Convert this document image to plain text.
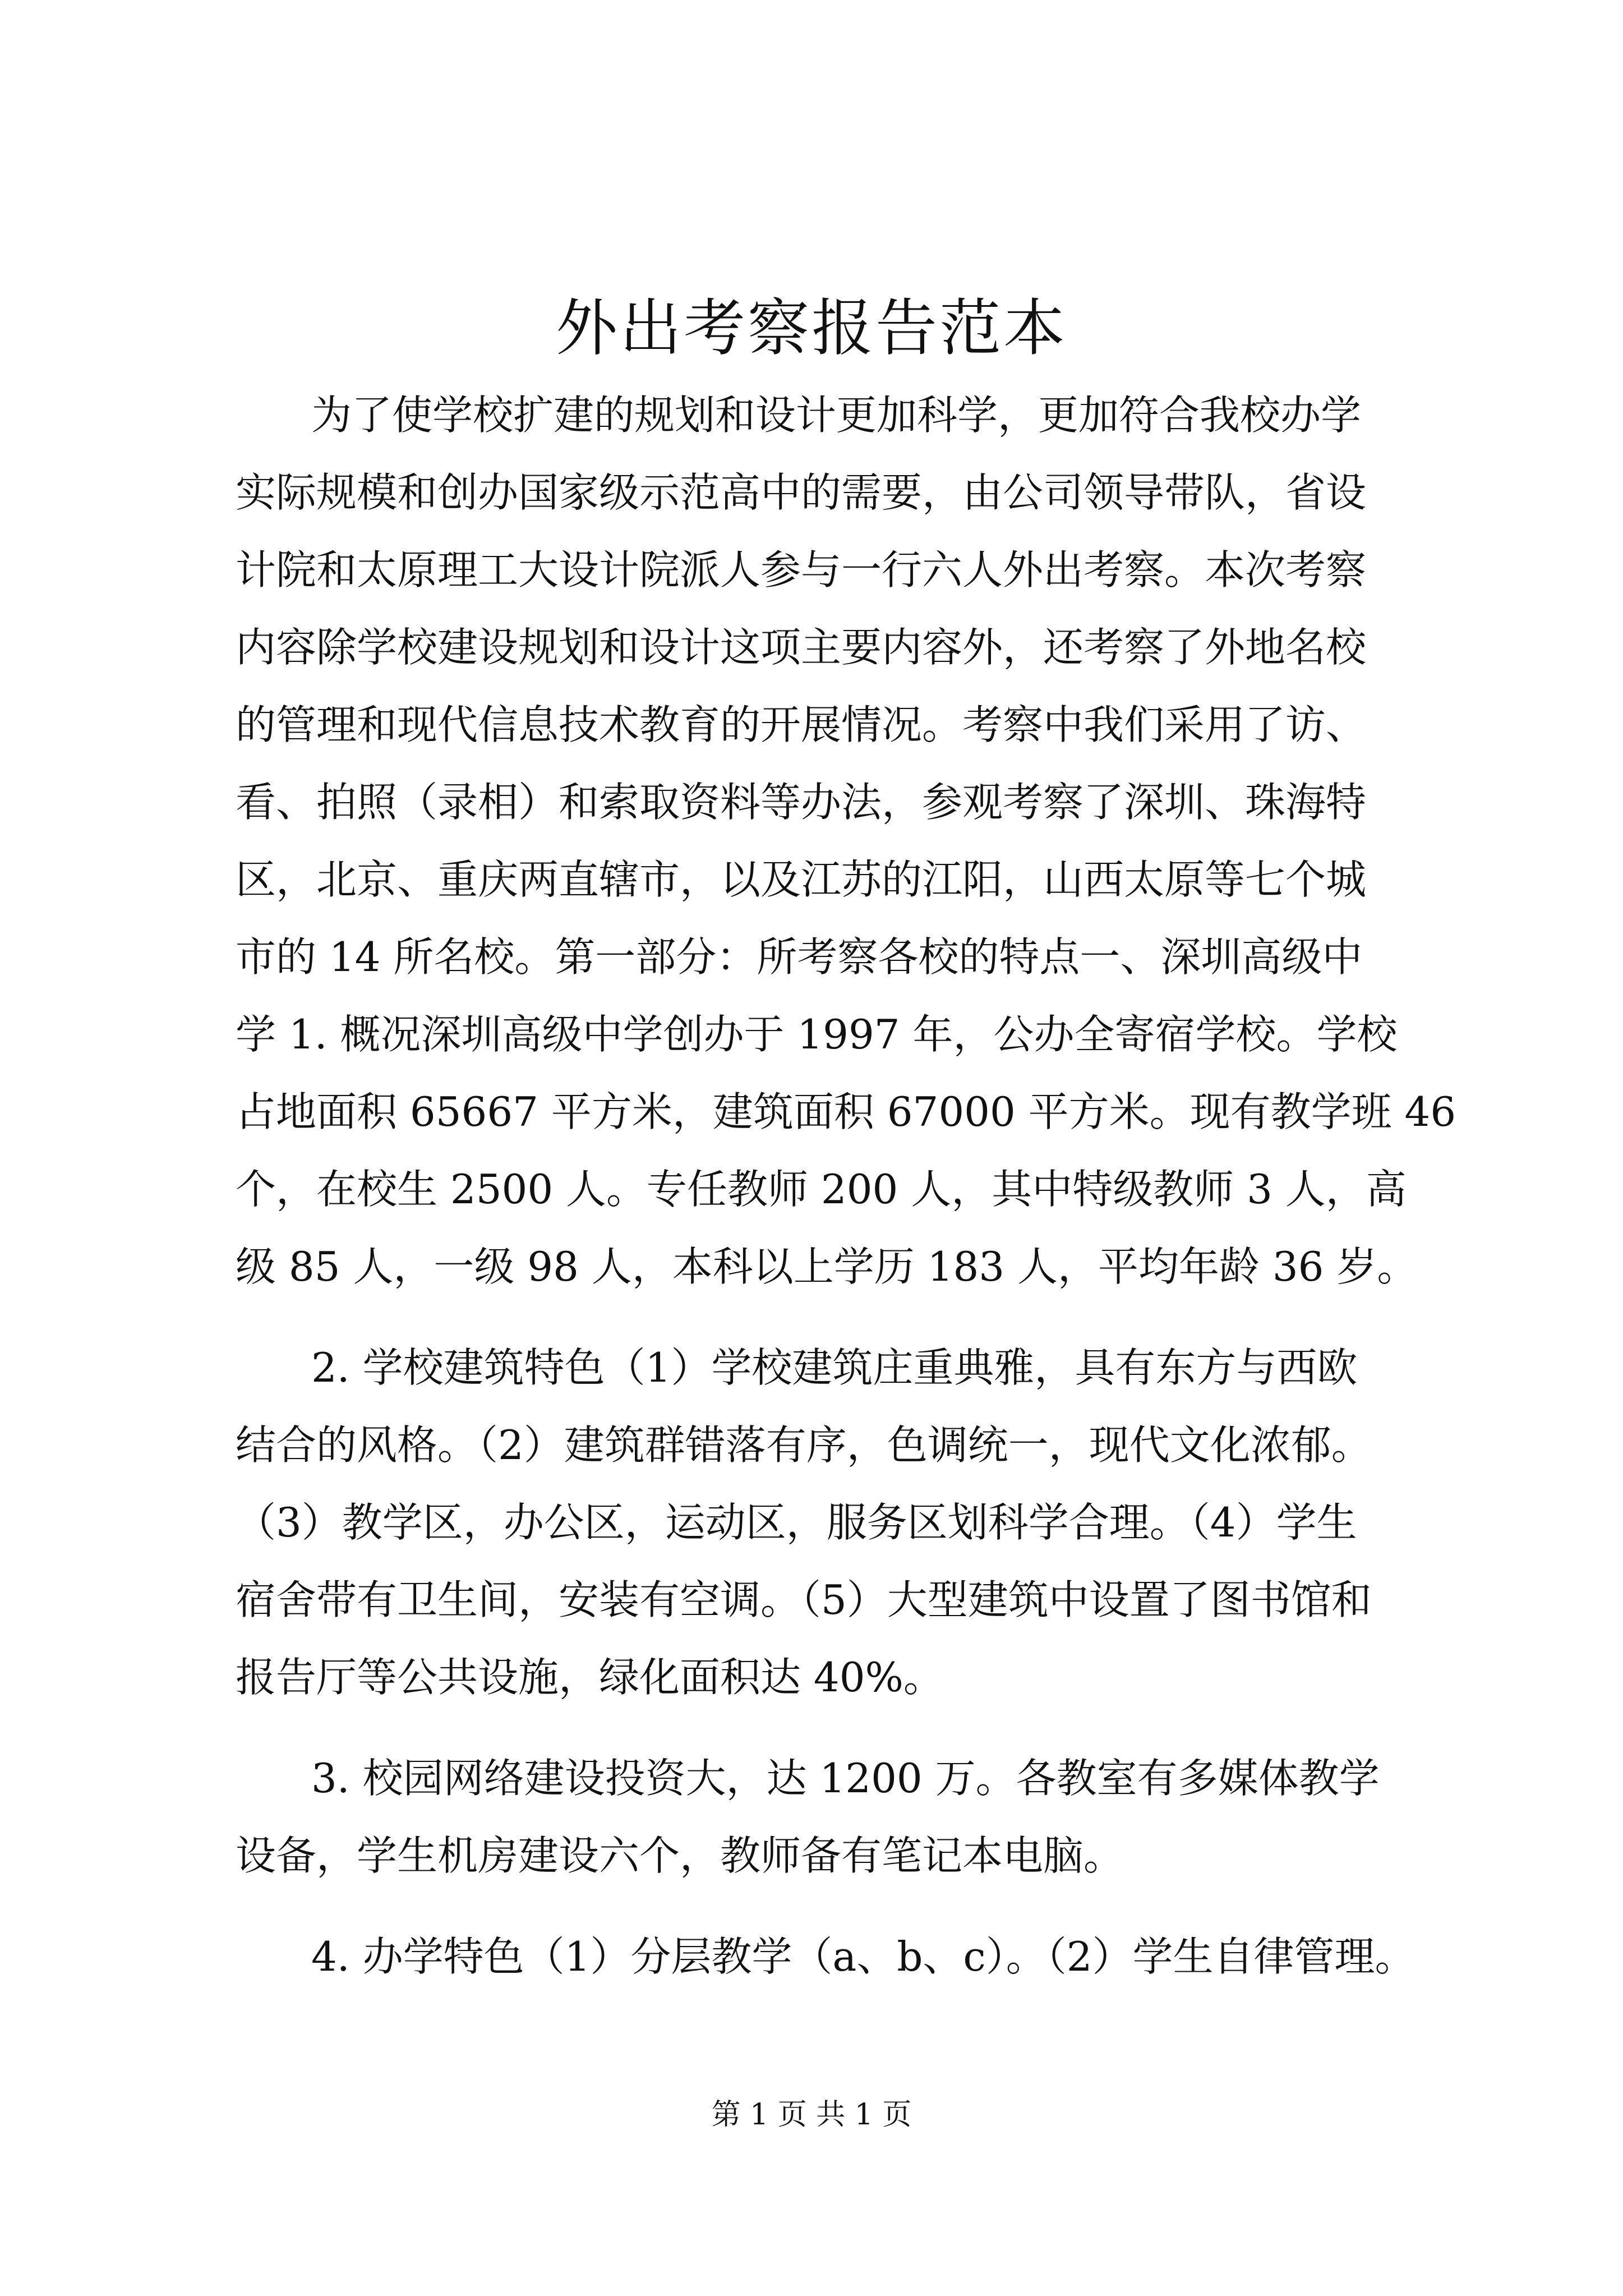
外出考察报告范本

为了使学校扩建的规划和设计更加科学，更加符合我校办学

实际规模和创办国家级示范高中的需要，由公司领导带队，省设

计院和太原理工大设计院派人参与一行六人外出考察。本次考察

内容除学校建设规划和设计这项主要内容外，还考察了外地名校

的管理和现代信息技术教育的开展情况。考察中我们采用了访、

看、拍照（录相）和索取资料等办法，参观考察了深圳、珠海特

区，北京、重庆两直辖市，以及江苏的江阳，山西太原等七个城

市的 14 所名校。第一部分：所考察各校的特点一、深圳高级中

学 1. 概况深圳高级中学创办于 1997 年，公办全寄宿学校。学校

占地面积 65667 平方米，建筑面积 67000 平方米。现有教学班 46

个，在校生 2500 人。专任教师 200 人，其中特级教师 3 人，高

级 85 人，一级 98 人，本科以上学历 183 人，平均年龄 36 岁。

2. 学校建筑特色（1）学校建筑庄重典雅，具有东方与西欧

结合的风格。（2）建筑群错落有序，色调统一，现代文化浓郁。

（3）教学区，办公区，运动区，服务区划科学合理。（4）学生

宿舍带有卫生间，安装有空调。（5）大型建筑中设置了图书馆和

报告厅等公共设施，绿化面积达 40%。

3. 校园网络建设投资大，达 1200 万。各教室有多媒体教学

设备，学生机房建设六个，教师备有笔记本电脑。

4. 办学特色（1）分层教学（a、b、c）。（2）学生自律管理。

第 1 页 共 1 页
